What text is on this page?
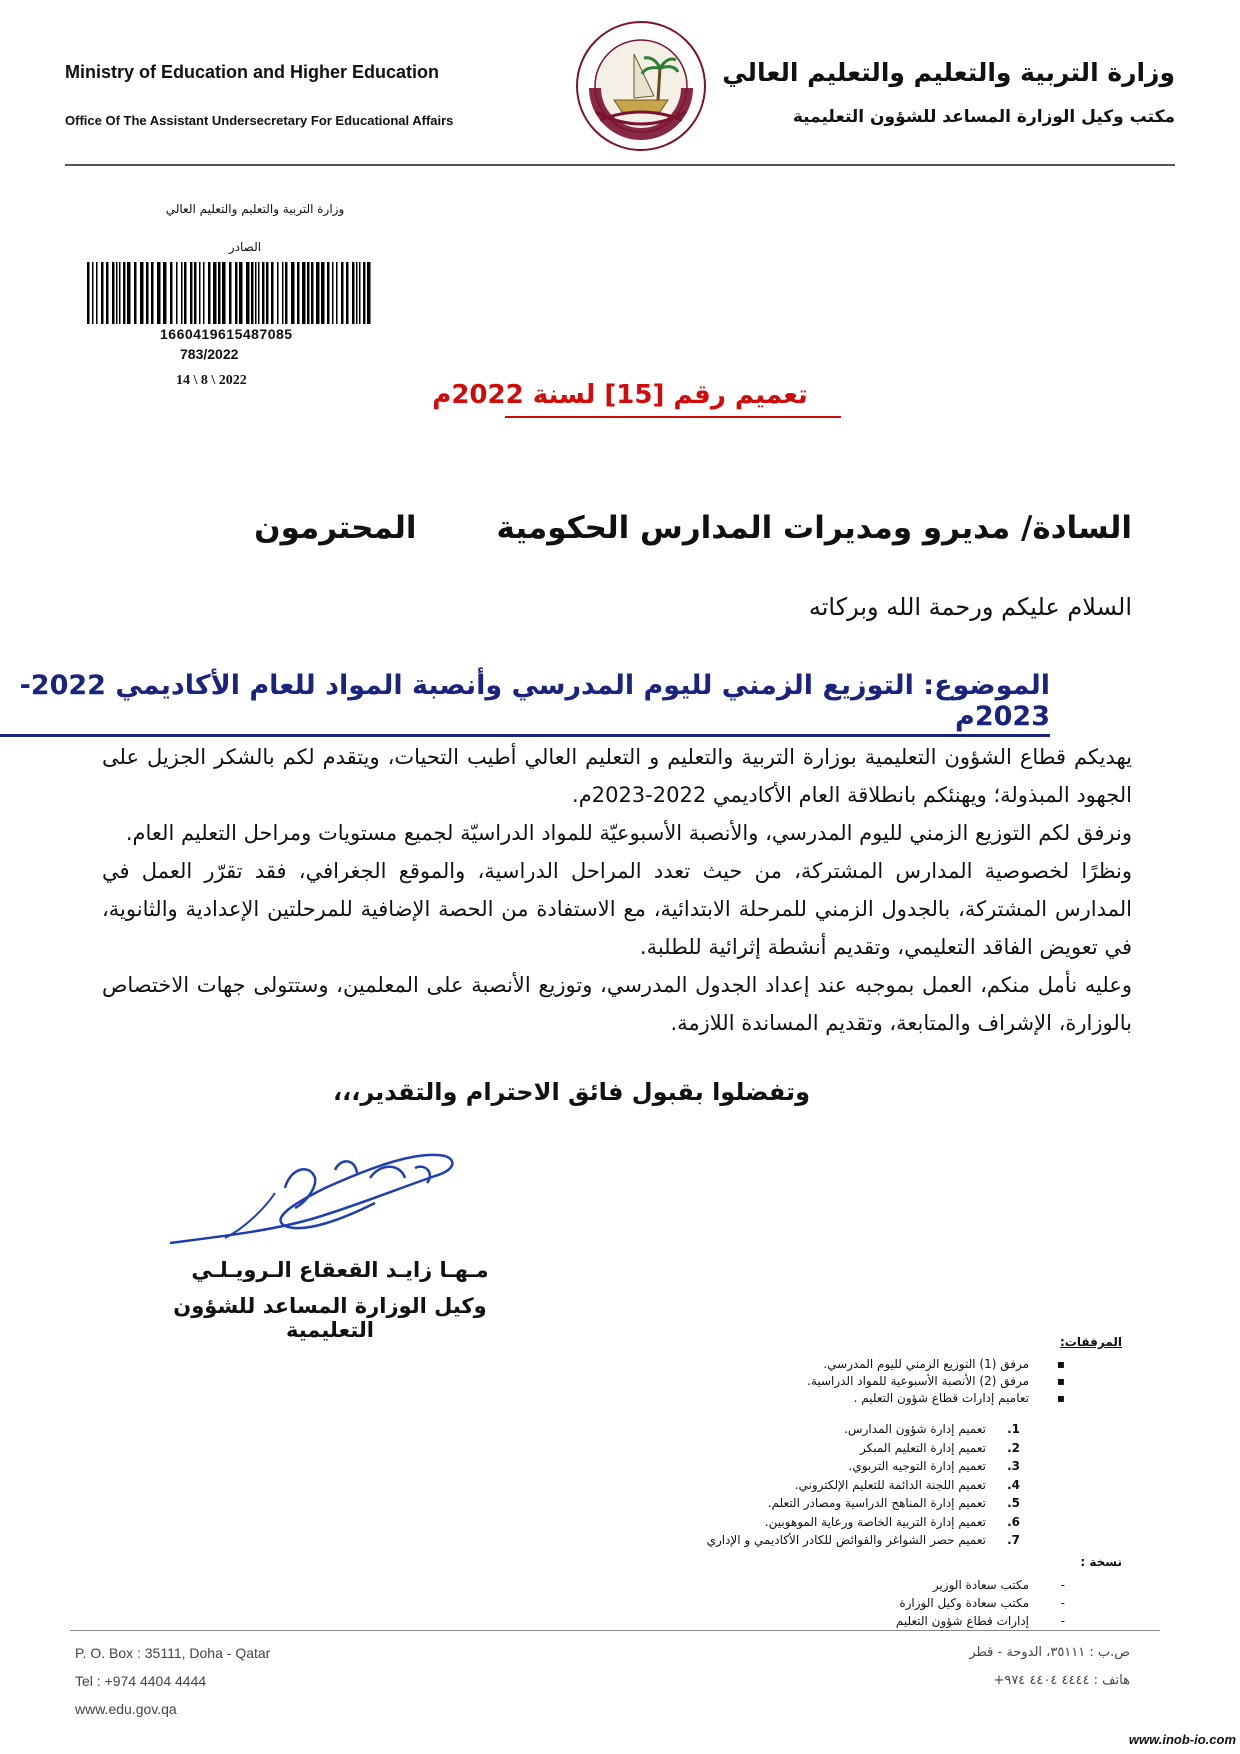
Ministry of Education and Higher Education
Office Of The Assistant Undersecretary For Educational Affairs
وزارة التربية والتعليم والتعليم العالي
مكتب وكيل الوزارة المساعد للشؤون التعليمية
وزارة التربية والتعليم والتعليم العالي
الصادر
1660419615487085
783/2022
14 \ 8 \ 2022	تعميم رقم [15] لسنة 2022م
السادة/ مديرو ومديرات المدارس الحكوميةالمحترمون
السلام عليكم ورحمة الله وبركاته
الموضوع: التوزيع الزمني لليوم المدرسي وأنصبة المواد للعام الأكاديمي 2022-2023م
يهديكم قطاع الشؤون التعليمية بوزارة التربية والتعليم و التعليم العالي أطيب التحيات، ويتقدم لكم بالشكر الجزيل على الجهود المبذولة؛ ويهنئكم بانطلاقة العام الأكاديمي 2022-2023م.
ونرفق لكم التوزيع الزمني لليوم المدرسي، والأنصبة الأسبوعيّة للمواد الدراسيّة لجميع مستويات ومراحل التعليم العام.
ونظرًا لخصوصية المدارس المشتركة، من حيث تعدد المراحل الدراسية، والموقع الجغرافي، فقد تقرّر العمل في المدارس المشتركة، بالجدول الزمني للمرحلة الابتدائية، مع الاستفادة من الحصة الإضافية للمرحلتين الإعدادية والثانوية، في تعويض الفاقد التعليمي، وتقديم أنشطة إثرائية للطلبة.
وعليه نأمل منكم، العمل بموجبه عند إعداد الجدول المدرسي، وتوزيع الأنصبة على المعلمين، وستتولى جهات الاختصاص بالوزارة، الإشراف والمتابعة، وتقديم المساندة اللازمة.
وتفضلوا بقبول فائق الاحترام والتقدير،،،
مـهـا زايـد القعقاع الـرويـلـي
وكيل الوزارة المساعد للشؤون التعليمية	المرفقات:
▪
مرفق (1) التوزيع الزمني لليوم المدرسي.
▪
مرفق (2) الأنصبة الأسبوعية للمواد الدراسية.
▪
تعاميم إدارات قطاع شؤون التعليم .
1.
تعميم إدارة شؤون المدارس.
2.
تعميم إدارة التعليم المبكر
3.
تعميم إدارة التوجيه التربوي.
4.
تعميم اللجنة الدائمة للتعليم الإلكتروني.
5.
تعميم إدارة المناهج الدراسية ومصادر التعلم.
6.
تعميم إدارة التربية الخاصة ورعاية الموهوبين.
7.
تعميم حصر الشواغر والفوائض للكادر الأكاديمي و الإداري
نسخة :
-
مكتب سعادة الوزير
-
مكتب سعادة وكيل الوزارة
-
إدارات قطاع شؤون التعليم
P. O. Box : 35111, Doha - Qatar
Tel : +974 4404 4444
www.edu.gov.qa
ص.ب : ٣٥١١١، الدوحة - قطر
هاتف : ٤٤٤٤ ٤٤٠٤ ٩٧٤+
www.inob-io.com
